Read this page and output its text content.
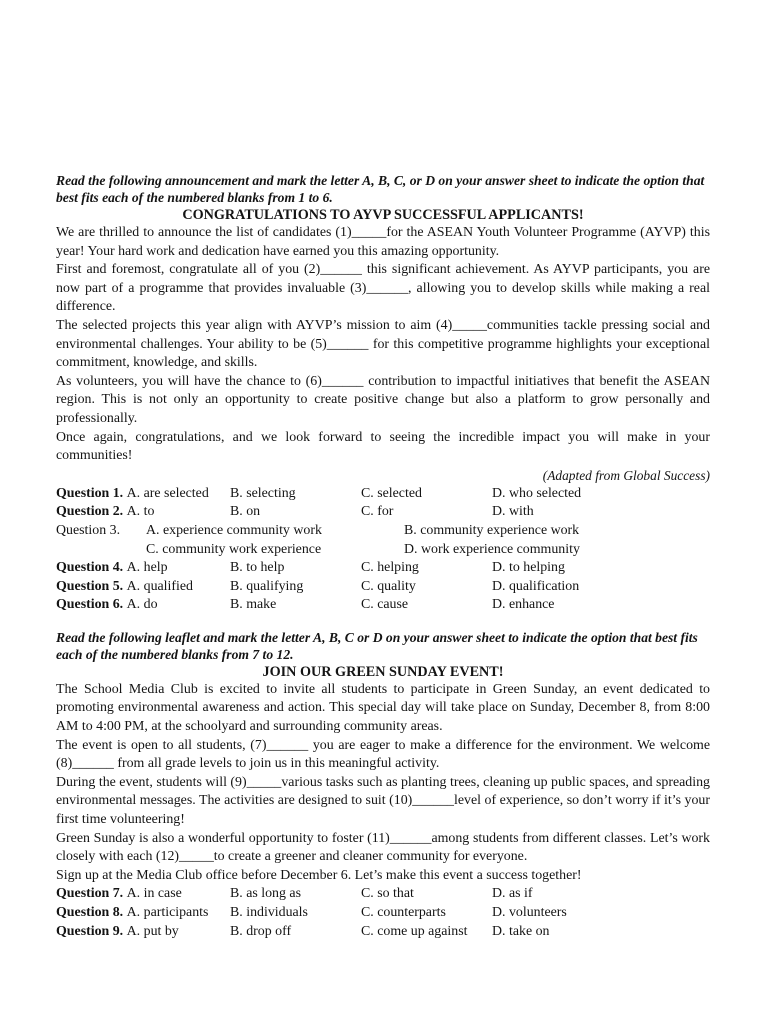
Read the following announcement and mark the letter A, B, C, or D on your answer sheet to indicate the option that best fits each of the numbered blanks from 1 to 6.

CONGRATULATIONS TO AYVP SUCCESSFUL APPLICANTS!

We are thrilled to announce the list of candidates (1)_____for the ASEAN Youth Volunteer Programme (AYVP) this year! Your hard work and dedication have earned you this amazing opportunity.

First and foremost, congratulate all of you (2)______ this significant achievement. As AYVP participants, you are now part of a programme that provides invaluable (3)______, allowing you to develop skills while making a real difference.

The selected projects this year align with AYVP’s mission to aim (4)_____communities tackle pressing social and environmental challenges. Your ability to be (5)______ for this competitive programme highlights your exceptional commitment, knowledge, and skills.

As volunteers, you will have the chance to (6)______ contribution to impactful initiatives that benefit the ASEAN region. This is not only an opportunity to create positive change but also a platform to grow personally and professionally.

Once again, congratulations, and we look forward to seeing the incredible impact you will make in your communities!

(Adapted from Global Success)

Question 1.
A. are selected B. selecting	C. selected	D. who selected
Question 2.
A. to	B. on	C. for	D. with
Question 3.	A. experience community work	B. community experience work
C. community work experience	D. work experience community
Question 4.
A. help	B. to help	C. helping	D. to helping
Question 5.
A. qualified	B. qualifying	C. quality	D. qualification
Question 6.
A. do	B. make	C. cause	D. enhance

Read the following leaflet and mark the letter A, B, C or D on your answer sheet to indicate the option that best fits each of the numbered blanks from 7 to 12.

JOIN OUR GREEN SUNDAY EVENT!

The School Media Club is excited to invite all students to participate in Green Sunday, an event dedicated to promoting environmental awareness and action. This special day will take place on Sunday, December 8, from 8:00 AM to 4:00 PM, at the schoolyard and surrounding community areas.

The event is open to all students, (7)______ you are eager to make a difference for the environment. We welcome (8)______ from all grade levels to join us in this meaningful activity.

During the event, students will (9)_____various tasks such as planting trees, cleaning up public spaces, and spreading environmental messages. The activities are designed to suit (10)______level of experience, so don’t worry if it’s your first time volunteering!

Green Sunday is also a wonderful opportunity to foster (11)______among students from different classes. Let’s work closely with each (12)_____to create a greener and cleaner community for everyone.

Sign up at the Media Club office before December 6. Let’s make this event a success together!

Question 7.
A. in case	B. as long as	C. so that	D. as if
Question 8.
A. participants B. individuals	C. counterparts	D. volunteers
Question 9.
A. put by	B. drop off	C. come up against	D. take on
